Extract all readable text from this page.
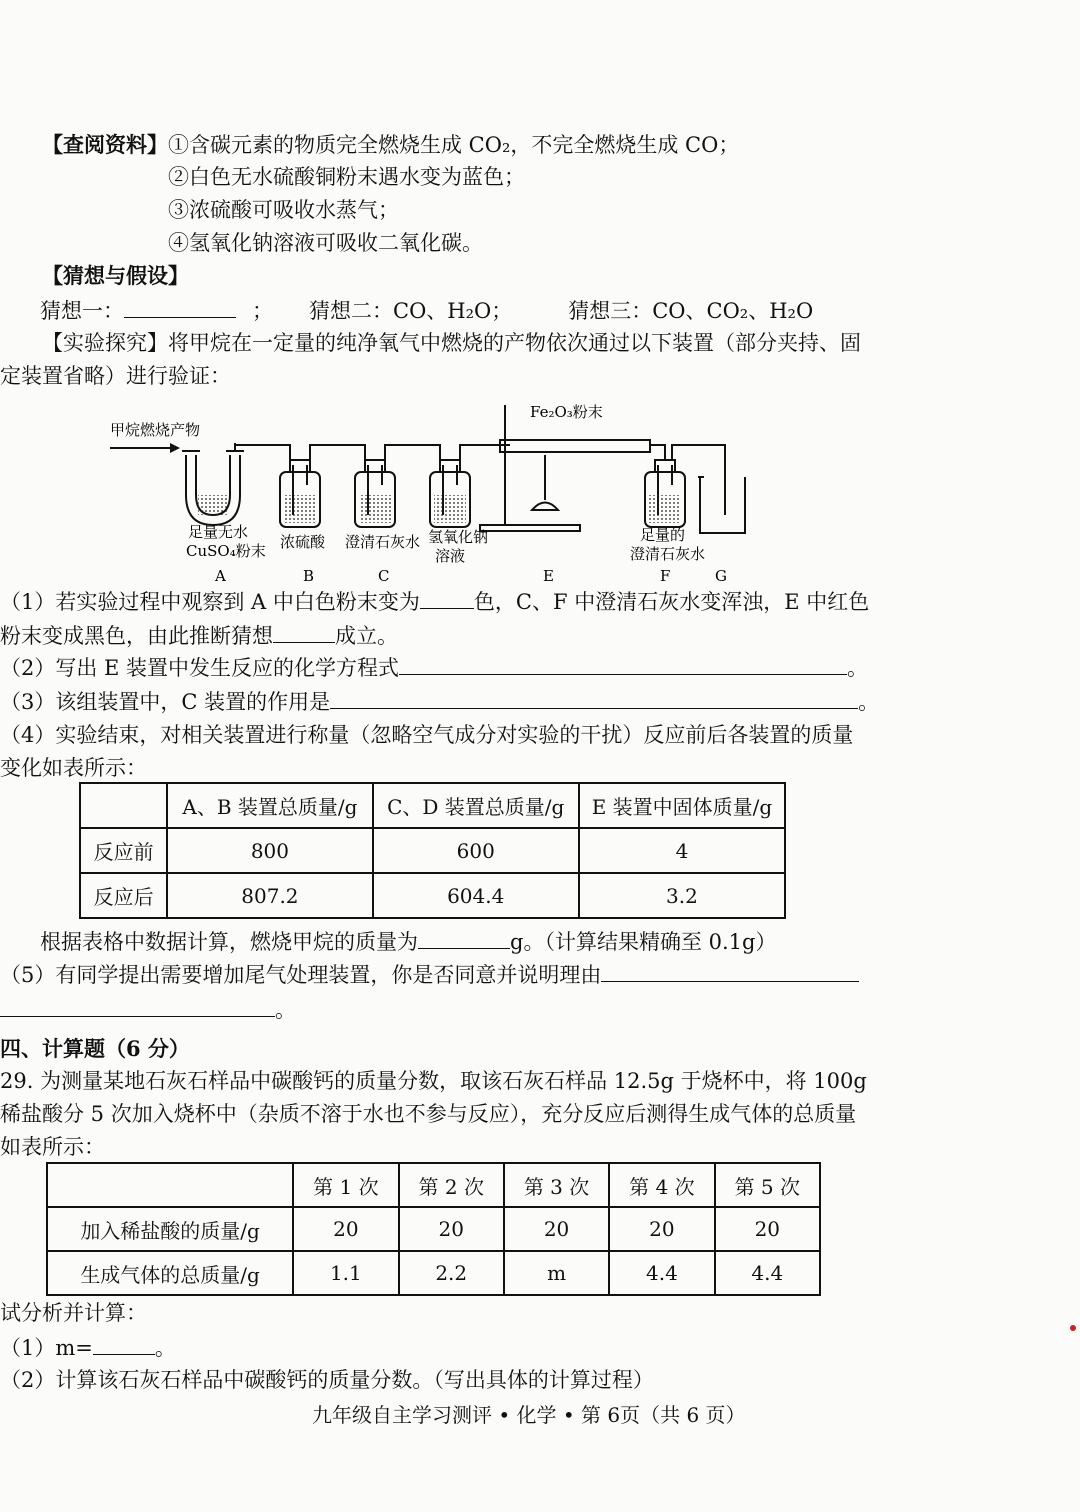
【查阅资料】①含碳元素的物质完全燃烧生成 CO₂，不完全燃烧生成 CO；
②白色无水硫酸铜粉末遇水变为蓝色；
③浓硫酸可吸收水蒸气；
④氢氧化钠溶液可吸收二氧化碳。
【猜想与假设】
猜想一：	； 猜想二：CO、H₂O；	猜想三：CO、CO₂、H₂O
【实验探究】将甲烷在一定量的纯净氧气中燃烧的产物依次通过以下装置（部分夹持、固
定装置省略）进行验证：
甲烷燃烧产物
Fe₂O₃粉末
足量无水
CuSO₄粉末 浓硫酸 澄清石灰水 氢氧化钠
溶液
足量的
澄清石灰水
A	B	C	E	F	G
（1）若实验过程中观察到 A 中白色粉末变为	色，C、F 中澄清石灰水变浑浊，E 中红色
粉末变成黑色，由此推断猜想	成立。
（2）写出 E 装置中发生反应的化学方程式	。
（3）该组装置中，C 装置的作用是	。
（4）实验结束，对相关装置进行称量（忽略空气成分对实验的干扰）反应前后各装置的质量
变化如表所示：
	A、B 装置总质量/g	C、D 装置总质量/g	E 装置中固体质量/g
反应前	800	600	4
反应后	807.2	604.4	3.2
根据表格中数据计算，燃烧甲烷的质量为	g。（计算结果精确至 0.1g）
（5）有同学提出需要增加尾气处理装置，你是否同意并说明理由
。
四、计算题（6 分）
29. 为测量某地石灰石样品中碳酸钙的质量分数，取该石灰石样品 12.5g 于烧杯中，将 100g
稀盐酸分 5 次加入烧杯中（杂质不溶于水也不参与反应），充分反应后测得生成气体的总质量
如表所示：
	第 1 次	第 2 次	第 3 次	第 4 次	第 5 次
加入稀盐酸的质量/g	20	20	20	20	20
生成气体的总质量/g	1.1	2.2	m	4.4	4.4
试分析并计算：
（1）m=	。
（2）计算该石灰石样品中碳酸钙的质量分数。（写出具体的计算过程）
九年级自主学习测评 • 化学 • 第 6页（共 6 页）
